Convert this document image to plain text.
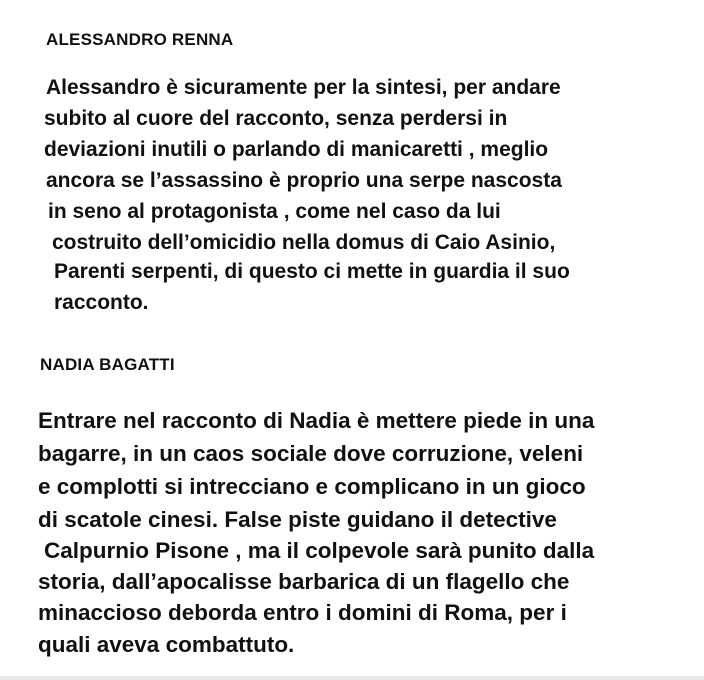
ALESSANDRO RENNA

Alessandro è sicuramente per la sintesi, per andare

subito al cuore del racconto, senza perdersi in

deviazioni inutili o parlando di manicaretti , meglio

ancora se l’assassino è proprio una serpe nascosta

in seno al protagonista , come nel caso da lui

costruito dell’omicidio nella domus di Caio Asinio,

Parenti serpenti, di questo ci mette in guardia il suo

racconto.

NADIA BAGATTI

Entrare nel racconto di Nadia è mettere piede in una

bagarre, in un caos sociale dove corruzione, veleni

e complotti si intrecciano e complicano in un gioco

di scatole cinesi. False piste guidano il detective

Calpurnio Pisone , ma il colpevole sarà punito dalla

storia, dall’apocalisse barbarica di un flagello che

minaccioso deborda entro i domini di Roma, per i

quali aveva combattuto.
